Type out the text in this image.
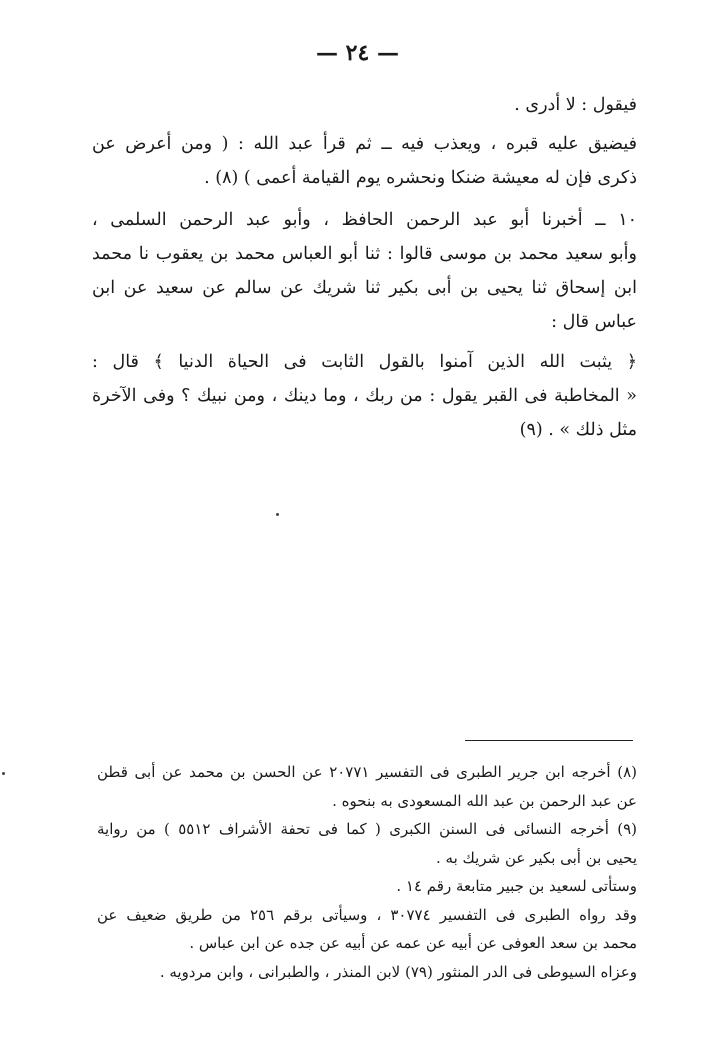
— ٢٤ —
فيقول : لا أدرى .
فيضيق عليه قبره ، ويعذب فيه ــ ثم قرأ عبد الله : ( ومن أعرض عن
ذكرى فإن له معيشة ضنكا ونحشره يوم القيامة أعمى ) (٨) .
١٠ ــ أخبرنا أبو عبد الرحمن الحافظ ، وأبو عبد الرحمن السلمى ،
وأبو سعيد محمد بن موسى قالوا : ثنا أبو العباس محمد بن يعقوب نا محمد
ابن إسحاق ثنا يحيى بن أبى بكير ثنا شريك عن سالم عن سعيد عن ابن
عباس قال :
﴿ يثبت الله الذين آمنوا بالقول الثابت فى الحياة الدنيا ﴾ قال :
« المخاطبة فى القبر يقول : من ربك ، وما دينك ، ومن نبيك ؟ وفى الآخرة
مثل ذلك » . (٩)
(٨) أخرجه ابن جرير الطبرى فى التفسير ٢٠٧٧١ عن الحسن بن محمد عن أبى قطن
عن عبد الرحمن بن عبد الله المسعودى به بنحوه .
(٩) أخرجه النسائى فى السنن الكبرى ( كما فى تحفة الأشراف ٥٥١٢ ) من رواية
يحيى بن أبى بكير عن شريك به .
وستأتى لسعيد بن جبير متابعة رقم ١٤ .
وقد رواه الطبرى فى التفسير ٣٠٧٧٤ ، وسيأتى برقم ٢٥٦ من طريق ضعيف عن
محمد بن سعد العوفى عن أبيه عن عمه عن أبيه عن جده عن ابن عباس .
وعزاه السيوطى فى الدر المنثور (٧٩) لابن المنذر ، والطبرانى ، وابن مردويه .
